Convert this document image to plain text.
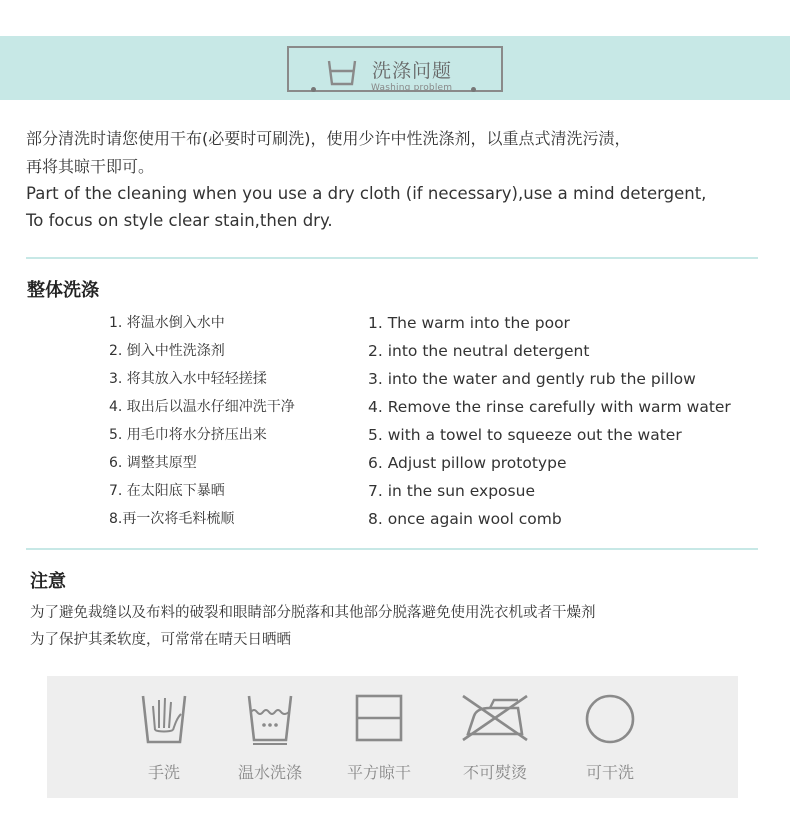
洗涤问题
Washing problem
部分清洗时请您使用干布(必要时可刷洗)，使用少许中性洗涤剂，以重点式清洗污渍，
再将其晾干即可。
Part of the cleaning when you use a dry cloth (if necessary),use a mind detergent,
To focus on style clear stain,then dry.
整体洗涤
1. 将温水倒入水中
2. 倒入中性洗涤剂
3. 将其放入水中轻轻搓揉
4. 取出后以温水仔细冲洗干净
5. 用毛巾将水分挤压出来
6. 调整其原型
7. 在太阳底下暴晒
8.再一次将毛料梳顺
1. The warm into the poor
2. into the neutral detergent
3. into the water and gently rub the pillow
4. Remove the rinse carefully with warm water
5. with a towel to squeeze out the water
6. Adjust pillow prototype
7. in the sun exposue
8. once again wool comb
注意
为了避免裁缝以及布料的破裂和眼睛部分脱落和其他部分脱落避免使用洗衣机或者干燥剂
为了保护其柔软度，可常常在晴天日晒晒
手洗	温水洗涤	平方晾干	不可熨烫	可干洗
